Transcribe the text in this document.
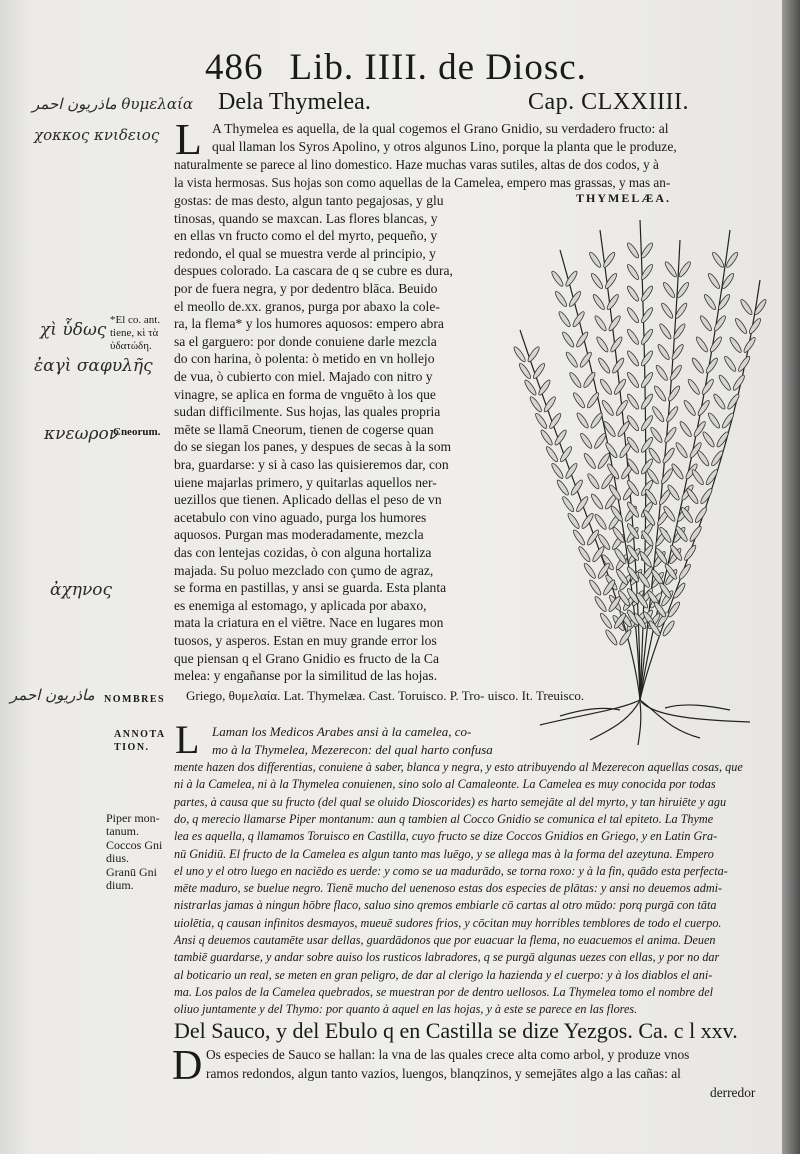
486 Lib. IIII. de Diosc.
Dela Thymelea.	Cap. CLXXIIII.
ماذريون احمر θυμελαία
χοκκος κνιδειος
χὶ ὗδως
ἐαγὶ σαφυλῆς
κνεωρον
ἀχηνος
ماذريون احمر
*El co. ant. tiene, κὶ τὰ ὐδατώδη.
Cneorum.
NOMBRES
ANNOTA TION.
Piper mon- tanum.
Coccos Gni dius.
Granū Gni dium.
L A Thymelea es aquella, de la qual cogemos el Grano Gnidio, su verdadero fructo: al
qual llaman los Syros Apolino, y otros algunos Lino, porque la planta que le produze,
naturalmente se parece al lino domestico. Haze muchas varas sutiles, altas de dos codos, y à
la vista hermosas. Sus hojas son como aquellas de la Camelea, empero mas grassas, y mas an-
gostas: de mas desto, algun tanto pegajosas, y glu
tinosas, quando se maxcan. Las flores blancas, y
en ellas vn fructo como el del myrto, pequeño, y
redondo, el qual se muestra verde al principio, y
despues colorado. La cascara de q se cubre es dura,
por de fuera negra, y por dedentro blāca. Beuido
el meollo de.xx. granos, purga por abaxo la cole-
ra, la flema* y los humores aquosos: empero abra
sa el garguero: por donde conuiene darle mezcla
do con harina, ò polenta: ò metido en vn hollejo
de vua, ò cubierto con miel. Majado con nitro y
vinagre, se aplica en forma de vnguēto à los que
sudan difficilmente. Sus hojas, las quales propria
mēte se llamā Cneorum, tienen de cogerse quan
do se siegan los panes, y despues de secas à la som
bra, guardarse: y si à caso las quisieremos dar, con
uiene majarlas primero, y quitarlas aquellos ner-
uezillos que tienen. Aplicado dellas el peso de vn
acetabulo con vino aguado, purga los humores
aquosos. Purgan mas moderadamente, mezcla
das con lentejas cozidas, ò con alguna hortaliza
majada. Su poluo mezclado con çumo de agraz,
se forma en pastillas, y ansi se guarda. Esta planta
es enemiga al estomago, y aplicada por abaxo,
mata la criatura en el viētre. Nace en lugares mon
tuosos, y asperos. Estan en muy grande error los
que piensan q el Grano Gnidio es fructo de la Ca
melea: y engañanse por la similitud de las hojas.
THYMELÆA.
Griego, θυμελαία. Lat. Thymelæa. Cast. Toruisco. P. Tro- uisco. It. Treuisco.
L Laman los Medicos Arabes ansi à la camelea, co-
mo à la Thymelea, Mezerecon: del qual harto confusa
mente hazen dos differentias, conuiene à saber, blanca y negra, y esto atribuyendo al Mezerecon aquellas cosas, que
ni à la Camelea, ni à la Thymelea conuienen, sino solo al Camaleonte. La Camelea es muy conocida por todas
partes, à causa que su fructo (del qual se oluido Dioscorides) es harto semejāte al del myrto, y tan hiruiēte y agu
do, q merecio llamarse Piper montanum: aun q tambien al Cocco Gnidio se comunica el tal epiteto. La Thyme
lea es aquella, q llamamos Toruisco en Castilla, cuyo fructo se dize Coccos Gnidios en Griego, y en Latin Gra-
nū Gnidiū. El fructo de la Camelea es algun tanto mas luēgo, y se allega mas à la forma del azeytuna. Empero
el uno y el otro luego en naciēdo es uerde: y como se ua madurādo, se torna roxo: y à la fin, quādo esta perfecta-
mēte maduro, se buelue negro. Tienē mucho del uenenoso estas dos especies de plātas: y ansi no deuemos admi-
nistrarlas jamas à ningun hōbre flaco, saluo sino qremos embiarle cō cartas al otro mūdo: porq purgā con tāta
uiolētia, q causan infinitos desmayos, mueuē sudores frios, y cōcitan muy horribles temblores de todo el cuerpo.
Ansi q deuemos cautamēte usar dellas, guardādonos que por euacuar la flema, no euacuemos el anima. Deuen
tambiē guardarse, y andar sobre auiso los rusticos labradores, q se purgā algunas uezes con ellas, y por no dar
al boticario un real, se meten en gran peligro, de dar al clerigo la hazienda y el cuerpo: y à los diablos el ani-
ma. Los palos de la Camelea quebrados, se muestran por de dentro uellosos. La Thymelea tomo el nombre del
oliuo juntamente y del Thymo: por quanto à aquel en las hojas, y à este se parece en las flores.
Del Sauco, y del Ebulo q en Castilla se dize Yezgos. Ca. c l xxv.
D Os especies de Sauco se hallan: la vna de las quales crece alta como arbol, y produze vnos
ramos redondos, algun tanto vazios, luengos, blanqzinos, y semejātes algo a las cañas: al
derredor
